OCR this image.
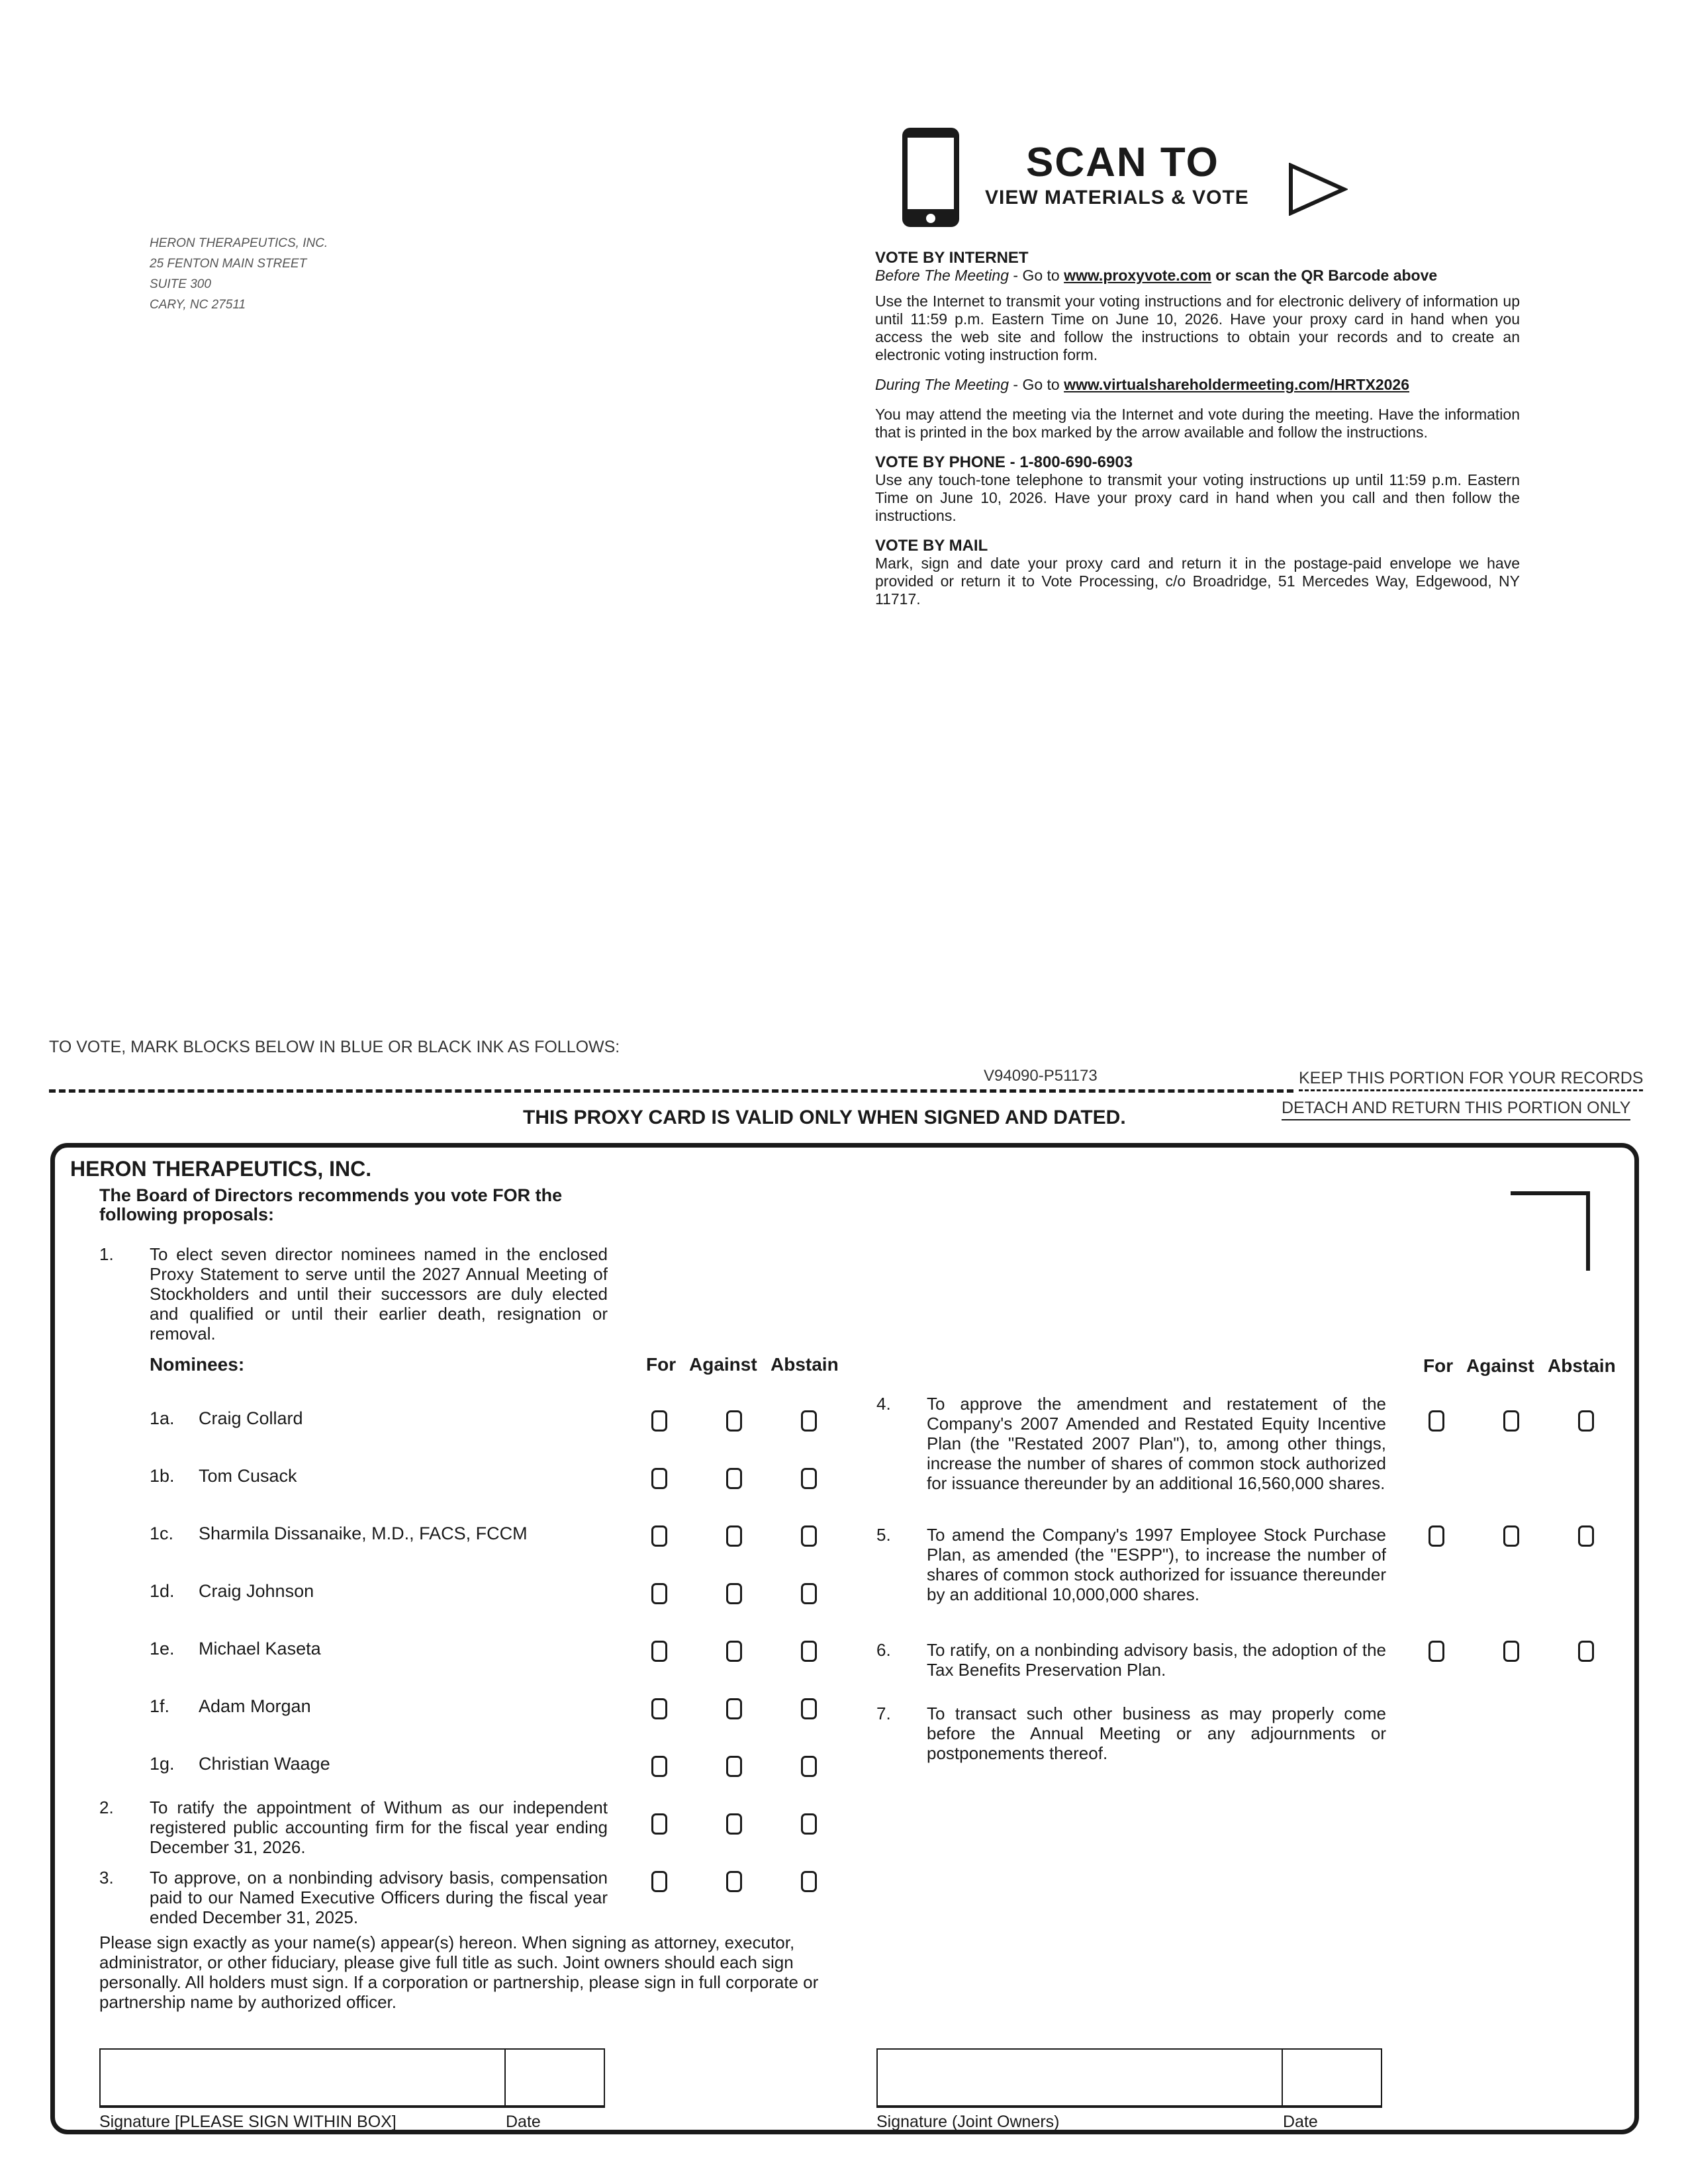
HERON THERAPEUTICS, INC.
25 FENTON MAIN STREET
SUITE 300
CARY, NC 27511
SCAN TO
VIEW MATERIALS & VOTE
VOTE BY INTERNET

Before The Meeting - Go to www.proxyvote.com or scan the QR Barcode above

Use the Internet to transmit your voting instructions and for electronic delivery of information up until 11:59 p.m. Eastern Time on June 10, 2026. Have your proxy card in hand when you access the web site and follow the instructions to obtain your records and to create an electronic voting instruction form.

During The Meeting - Go to www.virtualshareholdermeeting.com/HRTX2026

You may attend the meeting via the Internet and vote during the meeting. Have the information that is printed in the box marked by the arrow available and follow the instructions.

VOTE BY PHONE - 1-800-690-6903

Use any touch-tone telephone to transmit your voting instructions up until 11:59 p.m. Eastern Time on June 10, 2026. Have your proxy card in hand when you call and then follow the instructions.

VOTE BY MAIL

Mark, sign and date your proxy card and return it in the postage-paid envelope we have provided or return it to Vote Processing, c/o Broadridge, 51 Mercedes Way, Edgewood, NY 11717.

TO VOTE, MARK BLOCKS BELOW IN BLUE OR BLACK INK AS FOLLOWS:
V94090-P51173	KEEP THIS PORTION FOR YOUR RECORDS
THIS PROXY CARD IS VALID ONLY WHEN SIGNED AND DATED.	DETACH AND RETURN THIS PORTION ONLY
HERON THERAPEUTICS, INC.
The Board of Directors recommends you vote FOR the following proposals:
1. To elect seven director nominees named in the enclosed Proxy Statement to serve until the 2027 Annual Meeting of Stockholders and until their successors are duly elected and qualified or until their earlier death, resignation or removal.
Nominees:	For Against Abstain
1a. Craig Collard
1b. Tom Cusack
1c. Sharmila Dissanaike, M.D., FACS, FCCM
1d. Craig Johnson
1e. Michael Kaseta
1f. Adam Morgan
1g. Christian Waage
2. To ratify the appointment of Withum as our independent registered public accounting firm for the fiscal year ending December 31, 2026.
3. To approve, on a nonbinding advisory basis, compensation paid to our Named Executive Officers during the fiscal year ended December 31, 2025.
For Against Abstain
4. To approve the amendment and restatement of the Company's 2007 Amended and Restated Equity Incentive Plan (the "Restated 2007 Plan"), to, among other things, increase the number of shares of common stock authorized for issuance thereunder by an additional 16,560,000 shares.
5. To amend the Company's 1997 Employee Stock Purchase Plan, as amended (the "ESPP"), to increase the number of shares of common stock authorized for issuance thereunder by an additional 10,000,000 shares.
6. To ratify, on a nonbinding advisory basis, the adoption of the Tax Benefits Preservation Plan.
7. To transact such other business as may properly come before the Annual Meeting or any adjournments or postponements thereof.
Please sign exactly as your name(s) appear(s) hereon. When signing as attorney, executor, administrator, or other fiduciary, please give full title as such. Joint owners should each sign personally. All holders must sign. If a corporation or partnership, please sign in full corporate or partnership name by authorized officer.
Signature [PLEASE SIGN WITHIN BOX]	Date	Signature (Joint Owners)	Date
